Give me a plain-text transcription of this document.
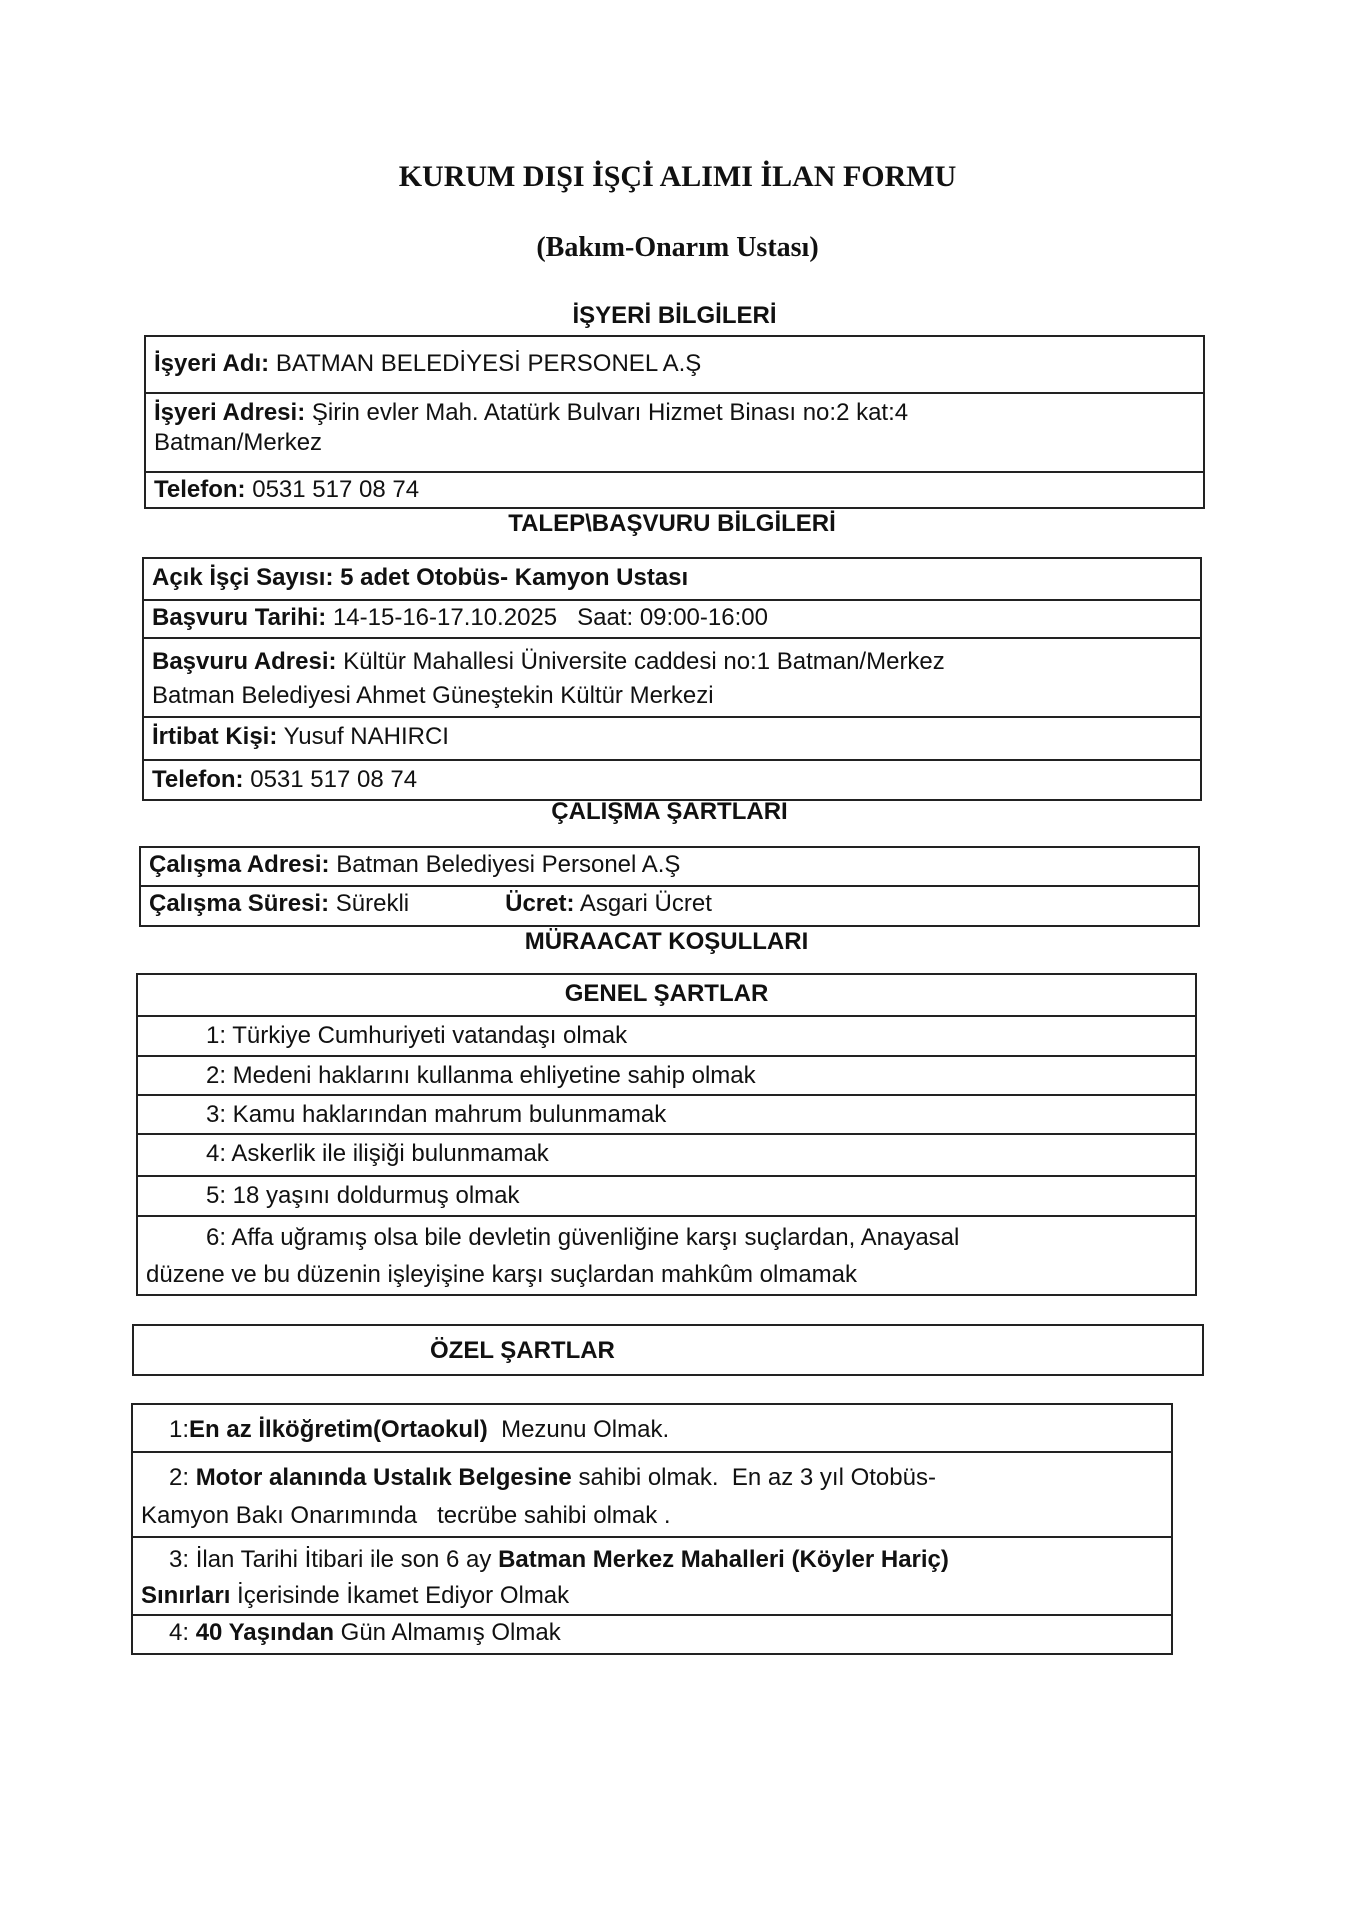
KURUM DIŞI İŞÇİ ALIMI İLAN FORMU
(Bakım-Onarım Ustası)
İŞYERİ BİLGİLERİ
İşyeri Adı: BATMAN BELEDİYESİ PERSONEL A.Ş
İşyeri Adresi: Şirin evler Mah. Atatürk Bulvarı Hizmet Binası no:2 kat:4
Batman/Merkez
Telefon: 0531 517 08 74
TALEP\BAŞVURU BİLGİLERİ
Açık İşçi Sayısı: 5 adet Otobüs- Kamyon Ustası
Başvuru Tarihi: 14-15-16-17.10.2025   Saat: 09:00-16:00
Başvuru Adresi: Kültür Mahallesi Üniversite caddesi no:1 Batman/Merkez
Batman Belediyesi Ahmet Güneştekin Kültür Merkezi
İrtibat Kişi: Yusuf NAHIRCI
Telefon: 0531 517 08 74
ÇALIŞMA ŞARTLARI
Çalışma Adresi: Batman Belediyesi Personel A.Ş
Çalışma Süresi: Sürekli	Ücret: Asgari Ücret
MÜRAACAT KOŞULLARI
GENEL ŞARTLAR
1: Türkiye Cumhuriyeti vatandaşı olmak
2: Medeni haklarını kullanma ehliyetine sahip olmak
3: Kamu haklarından mahrum bulunmamak
4: Askerlik ile ilişiği bulunmamak
5: 18 yaşını doldurmuş olmak
6: Affa uğramış olsa bile devletin güvenliğine karşı suçlardan, Anayasal
düzene ve bu düzenin işleyişine karşı suçlardan mahkûm olmamak
ÖZEL ŞARTLAR
1:En az İlköğretim(Ortaokul)  Mezunu Olmak.
2: Motor alanında Ustalık Belgesine sahibi olmak.  En az 3 yıl Otobüs-
Kamyon Bakı Onarımında   tecrübe sahibi olmak .
3: İlan Tarihi İtibari ile son 6 ay Batman Merkez Mahalleri (Köyler Hariç)
Sınırları İçerisinde İkamet Ediyor Olmak
4: 40 Yaşından Gün Almamış Olmak
